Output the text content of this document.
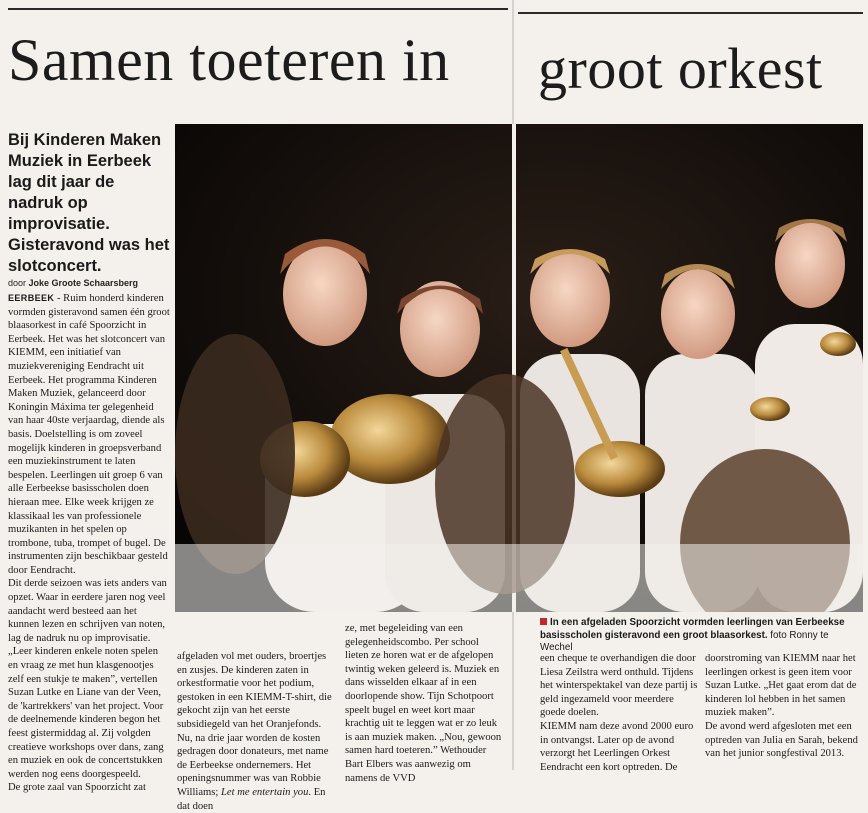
Samen toeteren in groot orkest
Bij Kinderen Maken Muziek in Eerbeek lag dit jaar de nadruk op improvisatie. Gisteravond was het slotconcert.
door Joke Groote Schaarsberg
EERBEEK - Ruim honderd kinderen vormden gisteravond samen één groot blaasorkest in café Spoorzicht in Eerbeek. Het was het slotconcert van KIEMM, een initiatief van muziekvereniging Eendracht uit Eerbeek. Het programma Kinderen Maken Muziek, gelanceerd door Koningin Máxima ter gelegenheid van haar 40ste verjaardag, diende als basis. Doelstelling is om zoveel mogelijk kinderen in groepsverband een muziekinstrument te laten bespelen. Leerlingen uit groep 6 van alle Eerbeekse basisscholen doen hieraan mee. Elke week krijgen ze klassikaal les van professionele muzikanten in het spelen op trombone, tuba, trompet of bugel. De instrumenten zijn beschikbaar gesteld door Eendracht.
Dit derde seizoen was iets anders van opzet. Waar in eerdere jaren nog veel aandacht werd besteed aan het kunnen lezen en schrijven van noten, lag de nadruk nu op improvisatie. „Leer kinderen enkele noten spelen en vraag ze met hun klasgenootjes zelf een stukje te maken”, vertellen Suzan Lutke en Liane van der Veen, de 'kartrekkers' van het project. Voor de deelnemende kinderen begon het feest gistermiddag al. Zij volgden creatieve workshops over dans, zang en muziek en ook de concertstukken werden nog eens doorgespeeld.
De grote zaal van Spoorzicht zat
In een afgeladen Spoorzicht vormden leerlingen van Eerbeekse basisscholen gisteravond een groot blaasorkest. foto Ronny te Wechel
afgeladen vol met ouders, broertjes en zusjes. De kinderen zaten in orkestformatie voor het podium, gestoken in een KIEMM-T-shirt, die gekocht zijn van het eerste subsidiegeld van het Oranjefonds. Nu, na drie jaar worden de kosten gedragen door donateurs, met name de Eerbeekse ondernemers. Het openingsnummer was van Robbie Williams; Let me entertain you. En dat doen
ze, met begeleiding van een gelegenheidscombo. Per school lieten ze horen wat er de afgelopen twintig weken geleerd is. Muziek en dans wisselden elkaar af in een doorlopende show. Tijn Schotpoort speelt bugel en weet kort maar krachtig uit te leggen wat er zo leuk is aan muziek maken. „Nou, gewoon samen hard toeteren.” Wethouder Bart Elbers was aanwezig om namens de VVD
een cheque te overhandigen die door Liesa Zeilstra werd onthuld. Tijdens het winterspektakel van deze partij is geld ingezameld voor meerdere goede doelen.
KIEMM nam deze avond 2000 euro in ontvangst. Later op de avond verzorgt het Leerlingen Orkest Eendracht een kort optreden. De
doorstroming van KIEMM naar het leerlingen orkest is geen item voor Suzan Lutke. „Het gaat erom dat de kinderen lol hebben in het samen muziek maken”.
De avond werd afgesloten met een optreden van Julia en Sarah, bekend van het junior songfestival 2013.
